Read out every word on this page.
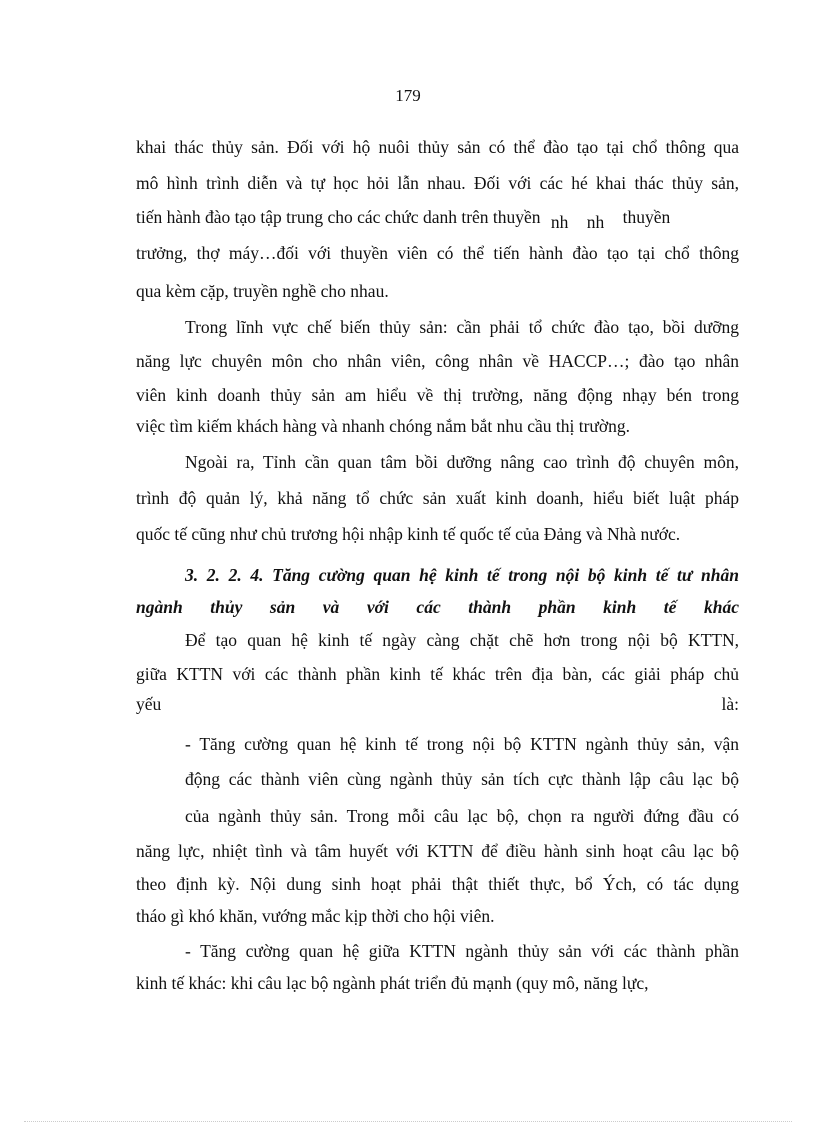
179
khai thác thủy sản. Đối với hộ nuôi thủy sản có thể đào tạo tại chổ thông qua
mô hình trình diễn và tự học hỏi lẫn nhau. Đối với các hé khai thác thủy sản,
tiến hành đào tạo tập trung cho các chức danh trên thuyền nh nh thuyền
trưởng, thợ máy…đối với thuyền viên có thể tiến hành đào tạo tại chổ thông
qua kèm cặp, truyền nghề cho nhau.
Trong lĩnh vực chế biến thủy sản: cần phải tổ chức đào tạo, bồi dưỡng
năng lực chuyên môn cho nhân viên, công nhân về HACCP…; đào tạo nhân
viên kinh doanh thủy sản am hiểu về thị trường, năng động nhạy bén trong
việc tìm kiếm khách hàng và nhanh chóng nắm bắt nhu cầu thị trường.
Ngoài ra, Tỉnh cần quan tâm bồi dưỡng nâng cao trình độ chuyên môn,
trình độ quản lý, khả năng tổ chức sản xuất kinh doanh, hiểu biết luật pháp
quốc tế cũng như chủ trương hội nhập kinh tế quốc tế của Đảng và Nhà nước.
3. 2. 2. 4. Tăng cường quan hệ kinh tế trong nội bộ kinh tế tư nhân
ngành thủy sản và với các thành phần kinh tế khác
Để tạo quan hệ kinh tế ngày càng chặt chẽ hơn trong nội bộ KTTN,
giữa KTTN với các thành phần kinh tế khác trên địa bàn, các giải pháp chủ
yếu	là:
- Tăng cường quan hệ kinh tế trong nội bộ KTTN ngành thủy sản, vận
động các thành viên cùng ngành thủy sản tích cực thành lập câu lạc bộ
của ngành thủy sản. Trong mỗi câu lạc bộ, chọn ra người đứng đầu có
năng lực, nhiệt tình và tâm huyết với KTTN để điều hành sinh hoạt câu lạc bộ
theo định kỳ. Nội dung sinh hoạt phải thật thiết thực, bổ Ých, có tác dụng
tháo gì khó khăn, vướng mắc kịp thời cho hội viên.
- Tăng cường quan hệ giữa KTTN ngành thủy sản với các thành phần
kinh tế khác: khi câu lạc bộ ngành phát triển đủ mạnh (quy mô, năng lực,
